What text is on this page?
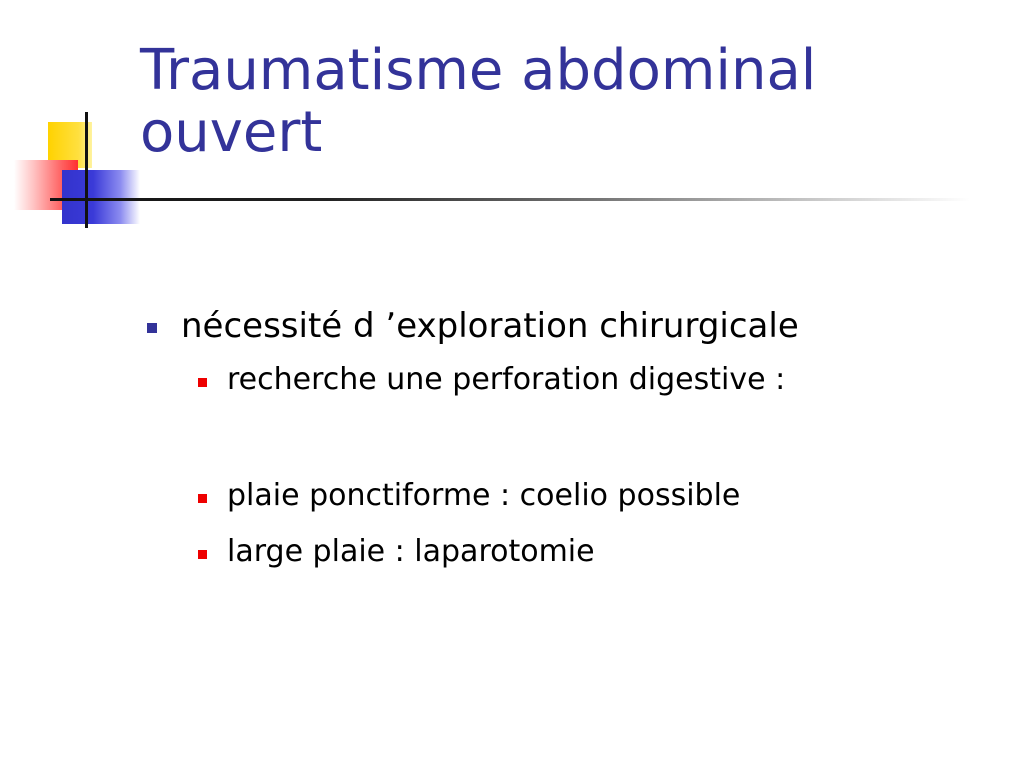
Traumatisme abdominal
ouvert
nécessité d ’exploration chirurgicale
recherche une perforation digestive :
plaie ponctiforme : coelio possible
large plaie : laparotomie
